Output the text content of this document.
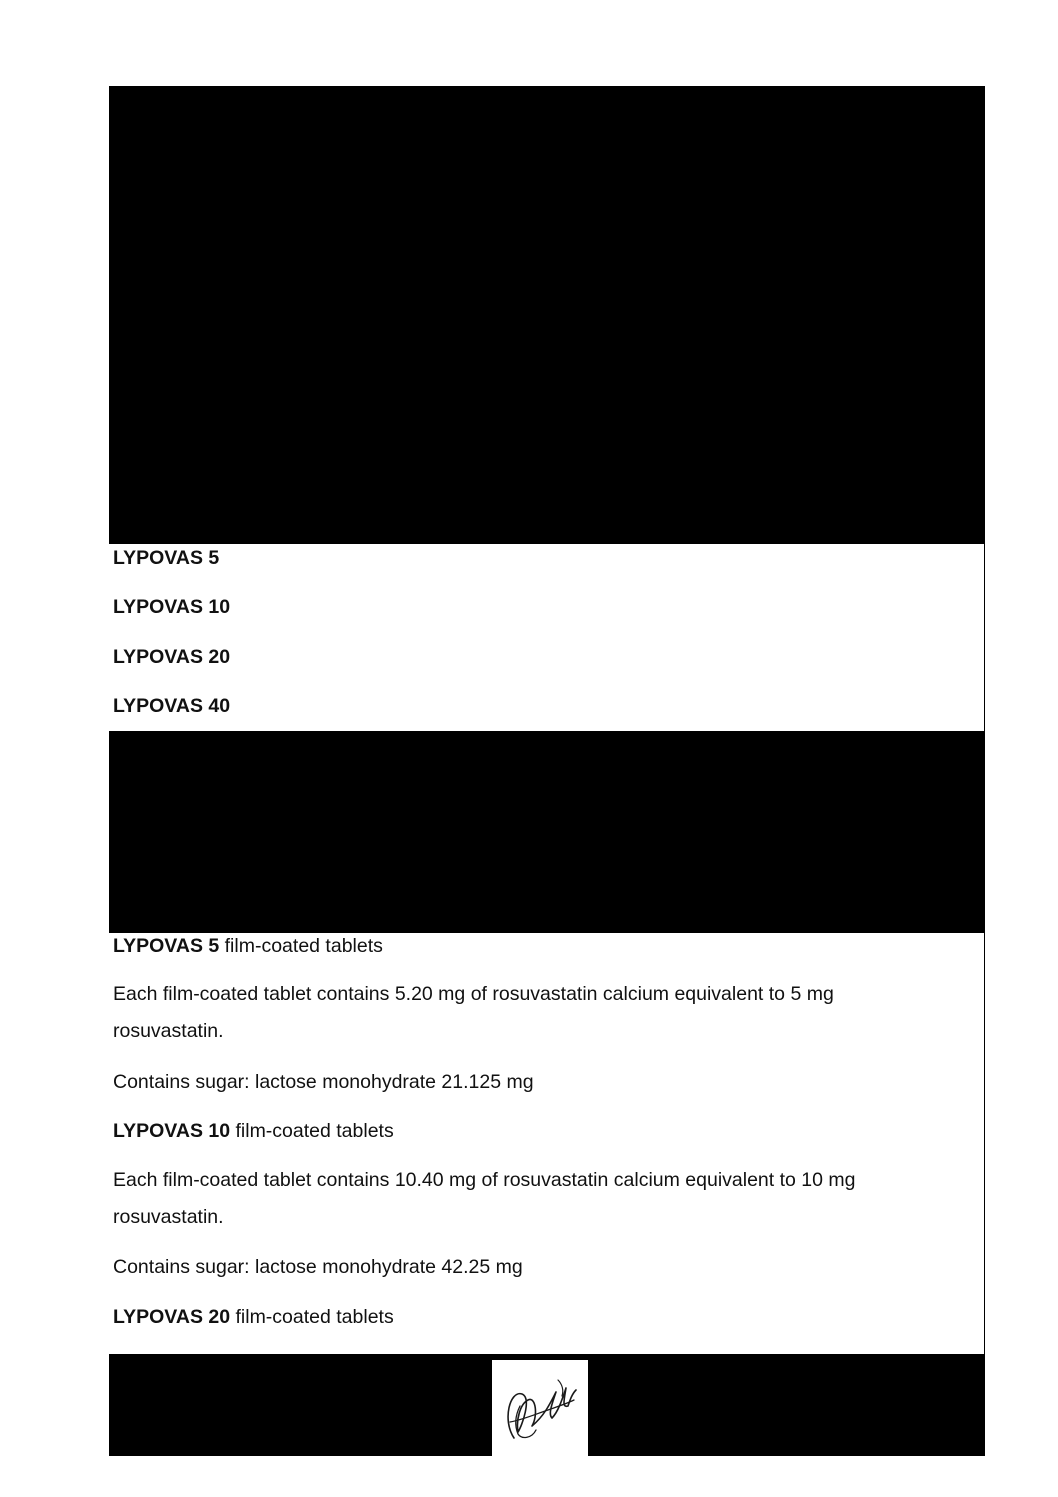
LYPOVAS 5

LYPOVAS 10

LYPOVAS 20

LYPOVAS 40

LYPOVAS 5 film-coated tablets

Each film-coated tablet contains 5.20 mg of rosuvastatin calcium equivalent to 5 mg rosuvastatin.

Contains sugar: lactose monohydrate 21.125 mg

LYPOVAS 10 film-coated tablets

Each film-coated tablet contains 10.40 mg of rosuvastatin calcium equivalent to 10 mg rosuvastatin.

Contains sugar: lactose monohydrate 42.25 mg

LYPOVAS 20 film-coated tablets
